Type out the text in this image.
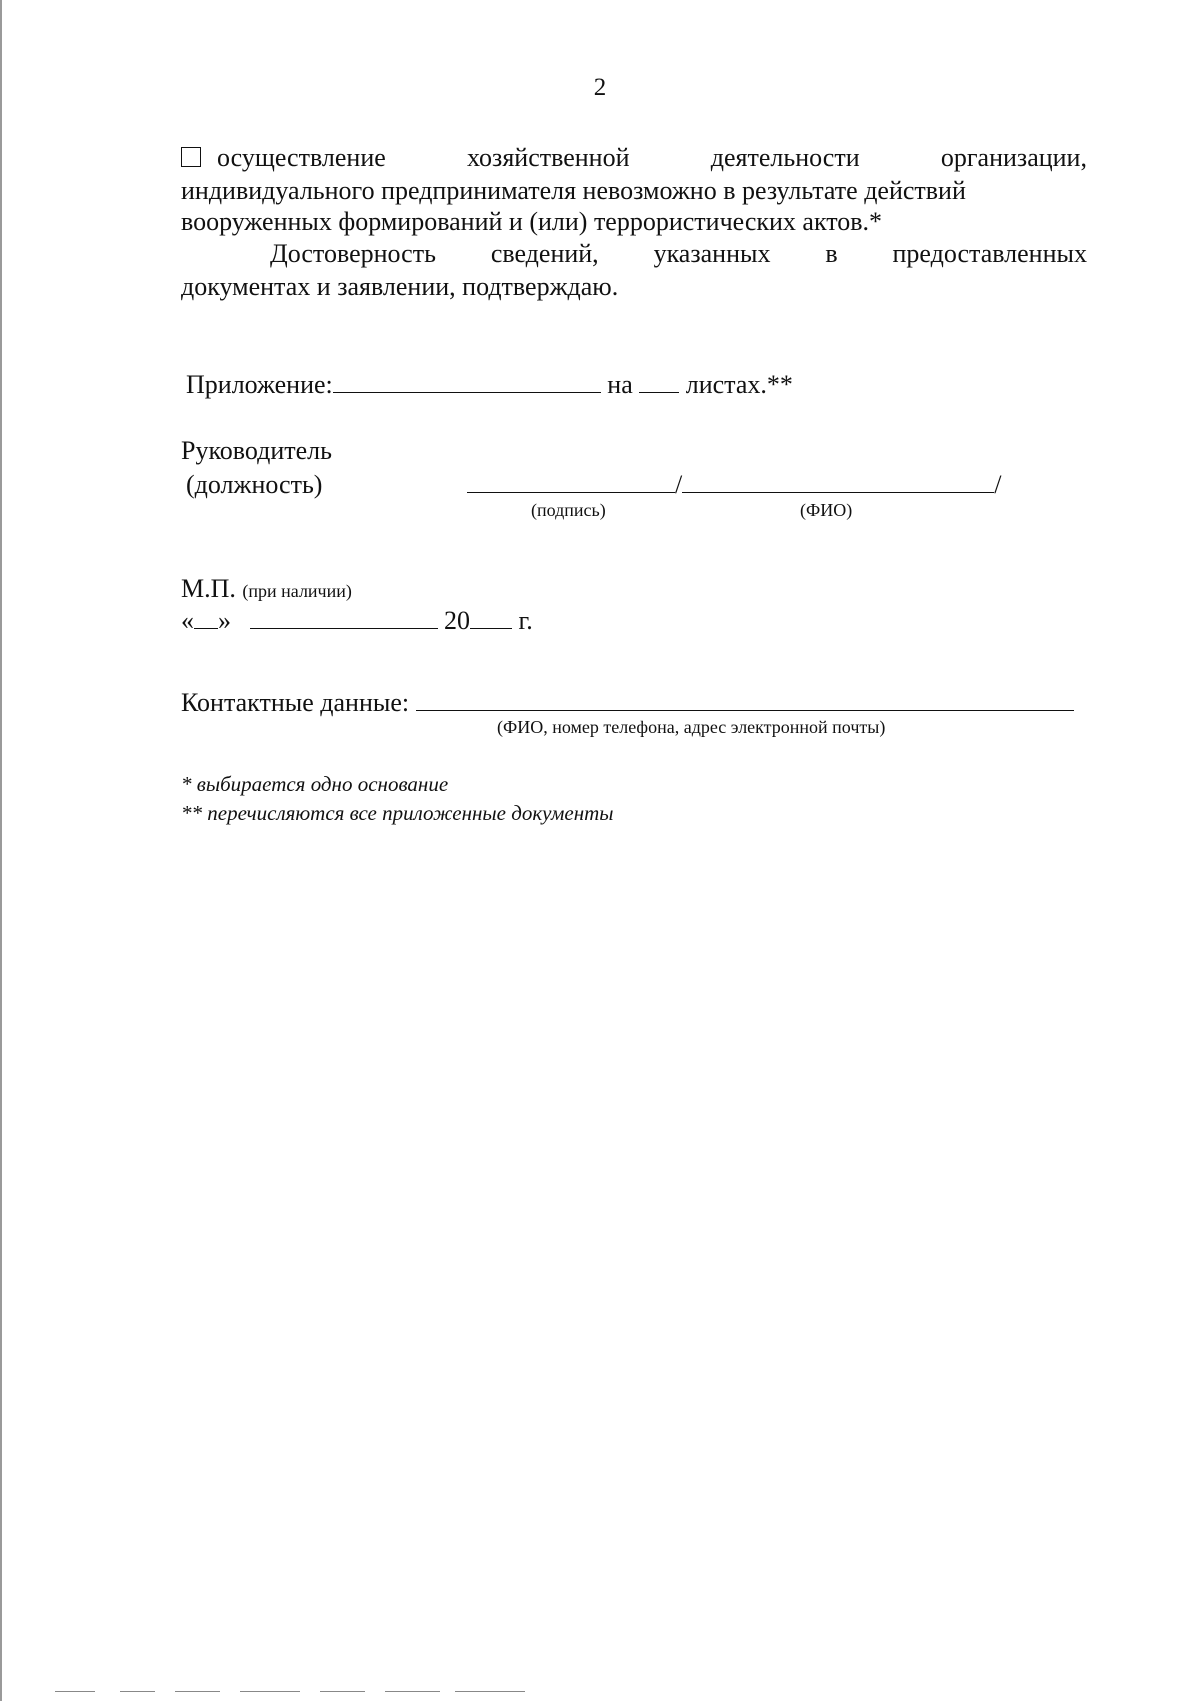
2
осуществление	хозяйственной	деятельности	организации,
индивидуального предпринимателя невозможно в результате действий
вооруженных формирований и (или) террористических актов.*
Достоверность сведений, указанных в предоставленных
документах и заявлении, подтверждаю.
Приложение:	на листах.**
Руководитель
(должность)	/	/
(подпись)	(ФИО)
М.П. (при наличии)
« »	20 г.
Контактные данные:
(ФИО, номер телефона, адрес электронной почты)
* выбирается одно основание
** перечисляются все приложенные документы
